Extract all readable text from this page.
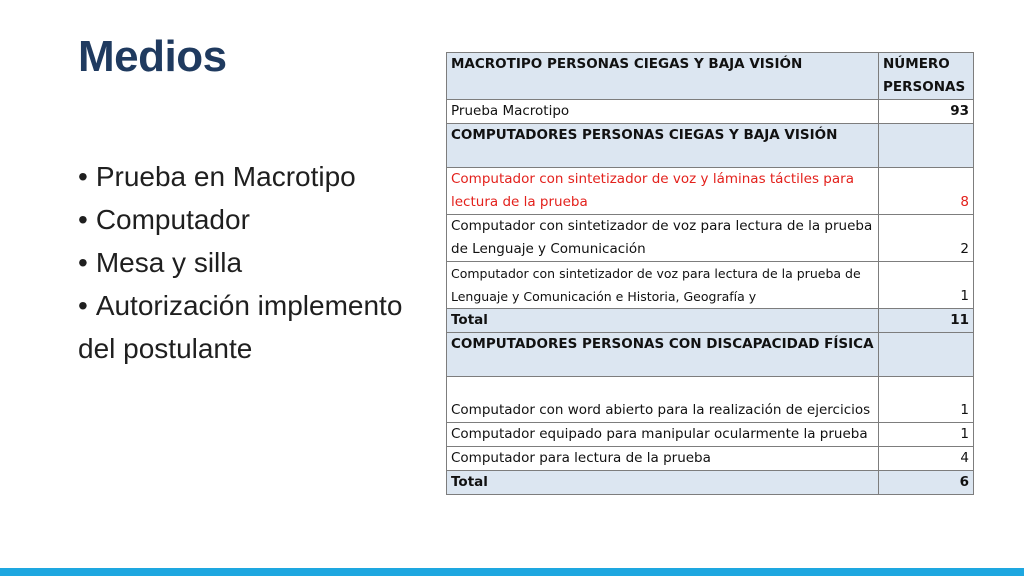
Medios
• Prueba en Macrotipo
• Computador
• Mesa y silla
• Autorización implemento
del postulante
MACROTIPO PERSONAS CIEGAS Y BAJA VISIÓN	NÚMERO PERSONAS
Prueba Macrotipo	93
COMPUTADORES PERSONAS CIEGAS Y BAJA VISIÓN	
Computador con sintetizador de voz y láminas táctiles para lectura de la prueba	8
Computador con sintetizador de voz para lectura de la prueba de Lenguaje y Comunicación	2
Computador con sintetizador de voz para lectura de la prueba de Lenguaje y Comunicación e Historia, Geografía y	1
Total	11
COMPUTADORES PERSONAS CON DISCAPACIDAD FÍSICA	
Computador con word abierto para la realización de ejercicios	1
Computador equipado para manipular ocularmente la prueba	1
Computador para lectura de la prueba	4
Total	6
